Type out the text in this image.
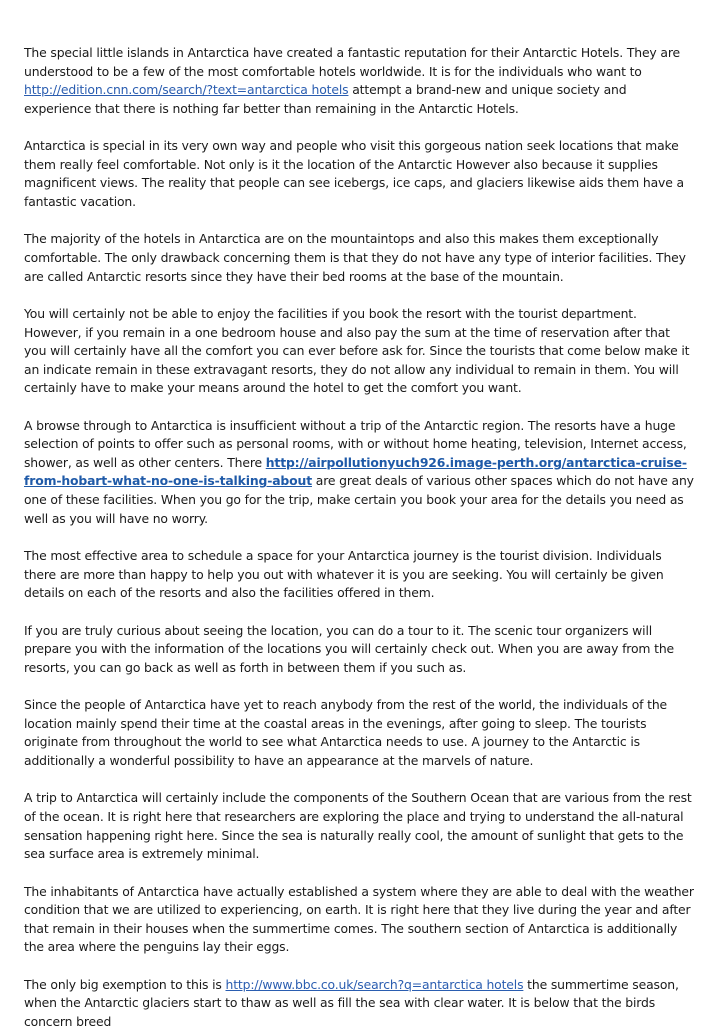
The special little islands in Antarctica have created a fantastic reputation for their Antarctic Hotels. They are understood to be a few of the most comfortable hotels worldwide. It is for the individuals who want to http://edition.cnn.com/search/?text=antarctica hotels attempt a brand-new and unique society and experience that there is nothing far better than remaining in the Antarctic Hotels.

Antarctica is special in its very own way and people who visit this gorgeous nation seek locations that make them really feel comfortable. Not only is it the location of the Antarctic However also because it supplies magnificent views. The reality that people can see icebergs, ice caps, and glaciers likewise aids them have a fantastic vacation.

The majority of the hotels in Antarctica are on the mountaintops and also this makes them exceptionally comfortable. The only drawback concerning them is that they do not have any type of interior facilities. They are called Antarctic resorts since they have their bed rooms at the base of the mountain.

You will certainly not be able to enjoy the facilities if you book the resort with the tourist department. However, if you remain in a one bedroom house and also pay the sum at the time of reservation after that you will certainly have all the comfort you can ever before ask for. Since the tourists that come below make it an indicate remain in these extravagant resorts, they do not allow any individual to remain in them. You will certainly have to make your means around the hotel to get the comfort you want.

A browse through to Antarctica is insufficient without a trip of the Antarctic region. The resorts have a huge selection of points to offer such as personal rooms, with or without home heating, television, Internet access, shower, as well as other centers. There http://airpollutionyuch926.image-perth.org/antarctica-cruise-from-hobart-what-no-one-is-talking-about are great deals of various other spaces which do not have any one of these facilities. When you go for the trip, make certain you book your area for the details you need as well as you will have no worry.

The most effective area to schedule a space for your Antarctica journey is the tourist division. Individuals there are more than happy to help you out with whatever it is you are seeking. You will certainly be given details on each of the resorts and also the facilities offered in them.

If you are truly curious about seeing the location, you can do a tour to it. The scenic tour organizers will prepare you with the information of the locations you will certainly check out. When you are away from the resorts, you can go back as well as forth in between them if you such as.

Since the people of Antarctica have yet to reach anybody from the rest of the world, the individuals of the location mainly spend their time at the coastal areas in the evenings, after going to sleep. The tourists originate from throughout the world to see what Antarctica needs to use. A journey to the Antarctic is additionally a wonderful possibility to have an appearance at the marvels of nature.

A trip to Antarctica will certainly include the components of the Southern Ocean that are various from the rest of the ocean. It is right here that researchers are exploring the place and trying to understand the all-natural sensation happening right here. Since the sea is naturally really cool, the amount of sunlight that gets to the sea surface area is extremely minimal.

The inhabitants of Antarctica have actually established a system where they are able to deal with the weather condition that we are utilized to experiencing, on earth. It is right here that they live during the year and after that remain in their houses when the summertime comes. The southern section of Antarctica is additionally the area where the penguins lay their eggs.

The only big exemption to this is http://www.bbc.co.uk/search?q=antarctica hotels the summertime season, when the Antarctic glaciers start to thaw as well as fill the sea with clear water. It is below that the birds concern breed
